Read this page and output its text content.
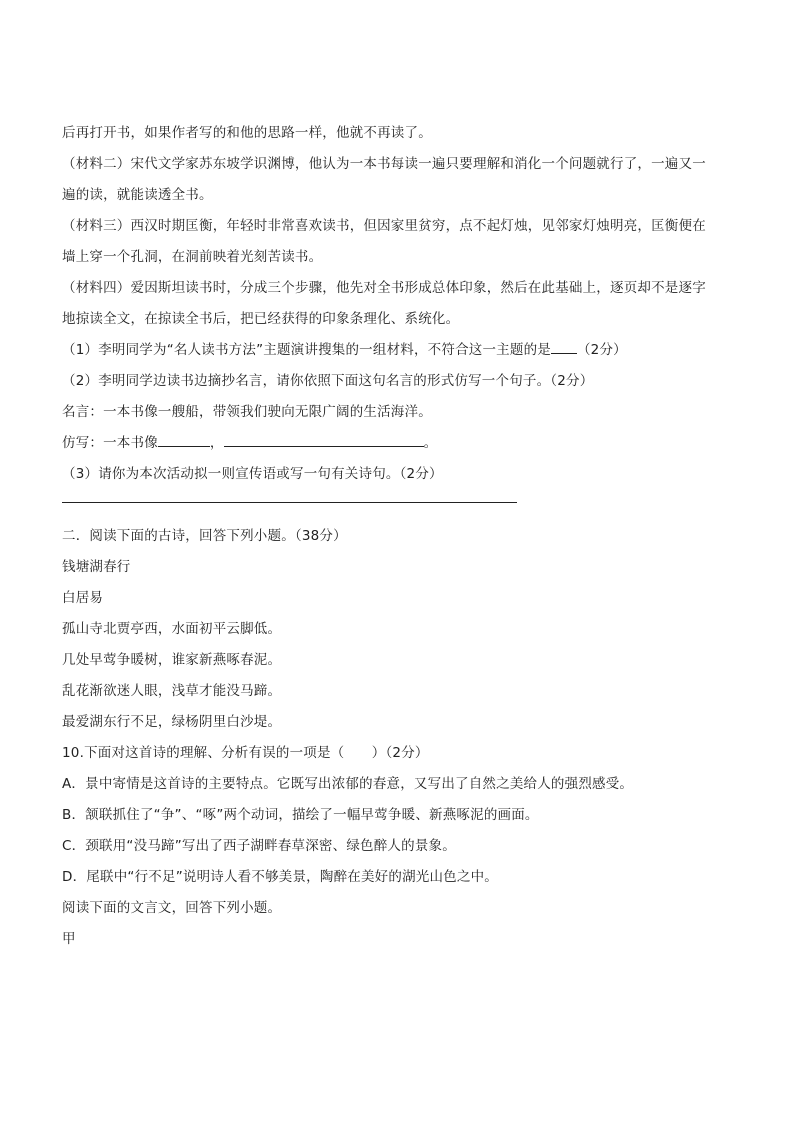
后再打开书，如果作者写的和他的思路一样，他就不再读了。
（材料二）宋代文学家苏东坡学识渊博，他认为一本书每读一遍只要理解和消化一个问题就行了，一遍又一
遍的读，就能读透全书。
（材料三）西汉时期匡衡，年轻时非常喜欢读书，但因家里贫穷，点不起灯烛，见邻家灯烛明亮，匡衡便在
墙上穿一个孔洞，在洞前映着光刻苦读书。
（材料四）爱因斯坦读书时，分成三个步骤，他先对全书形成总体印象，然后在此基础上，逐页却不是逐字
地掠读全文，在掠读全书后，把已经获得的印象条理化、系统化。
（1）李明同学为“名人读书方法”主题演讲搜集的一组材料，不符合这一主题的是 （2分）
（2）李明同学边读书边摘抄名言，请你依照下面这句名言的形式仿写一个句子。（2分）
名言：一本书像一艘船，带领我们驶向无限广阔的生活海洋。
仿写：一本书像	，	。
（3）请你为本次活动拟一则宣传语或写一句有关诗句。（2分）
二．阅读下面的古诗，回答下列小题。（38分）
钱塘湖春行
白居易
孤山寺北贾亭西，水面初平云脚低。
几处早莺争暖树，谁家新燕啄春泥。
乱花渐欲迷人眼，浅草才能没马蹄。
最爱湖东行不足，绿杨阴里白沙堤。
10.下面对这首诗的理解、分析有误的一项是（　　）（2分）
A．景中寄情是这首诗的主要特点。它既写出浓郁的春意，又写出了自然之美给人的强烈感受。
B．颔联抓住了“争”、“啄”两个动词，描绘了一幅早莺争暖、新燕啄泥的画面。
C．颈联用“没马蹄”写出了西子湖畔春草深密、绿色醉人的景象。
D．尾联中“行不足”说明诗人看不够美景，陶醉在美好的湖光山色之中。
阅读下面的文言文，回答下列小题。
甲
